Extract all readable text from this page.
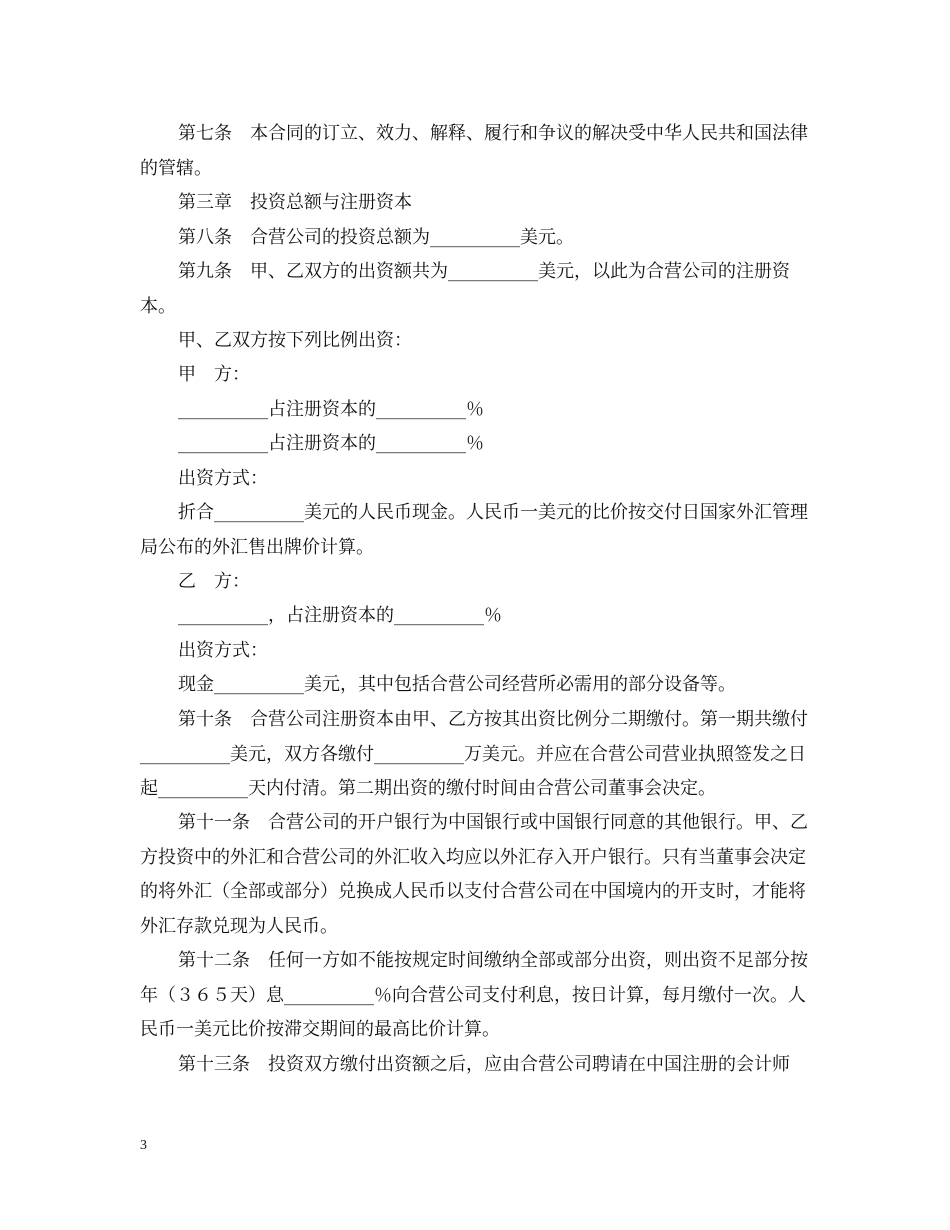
第七条　本合同的订立、效力、解释、履行和争议的解决受中华人民共和国法律的管辖。

第三章　投资总额与注册资本

第八条　合营公司的投资总额为__________美元。

第九条　甲、乙双方的出资额共为__________美元，以此为合营公司的注册资本。

甲、乙双方按下列比例出资：

甲　方：

__________占注册资本的__________％

__________占注册资本的__________％

出资方式：

折合__________美元的人民币现金。人民币一美元的比价按交付日国家外汇管理局公布的外汇售出牌价计算。

乙　方：

__________，占注册资本的__________％

出资方式：

现金__________美元，其中包括合营公司经营所必需用的部分设备等。

第十条　合营公司注册资本由甲、乙方按其出资比例分二期缴付。第一期共缴付__________美元，双方各缴付__________万美元。并应在合营公司营业执照签发之日起__________天内付清。第二期出资的缴付时间由合营公司董事会决定。

第十一条　合营公司的开户银行为中国银行或中国银行同意的其他银行。甲、乙方投资中的外汇和合营公司的外汇收入均应以外汇存入开户银行。只有当董事会决定的将外汇（全部或部分）兑换成人民币以支付合营公司在中国境内的开支时，才能将外汇存款兑现为人民币。

第十二条　任何一方如不能按规定时间缴纳全部或部分出资，则出资不足部分按年（３６５天）息__________％向合营公司支付利息，按日计算，每月缴付一次。人民币一美元比价按滞交期间的最高比价计算。

第十三条　投资双方缴付出资额之后，应由合营公司聘请在中国注册的会计师

3
